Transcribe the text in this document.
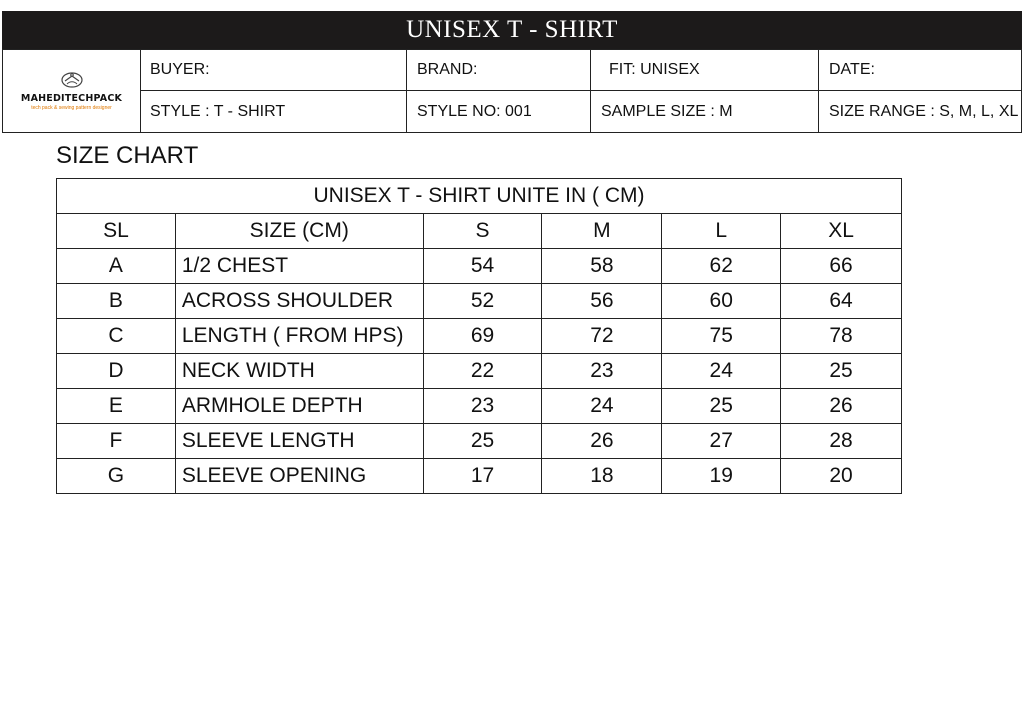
UNISEX T - SHIRT
MAHEDITECHPACK
tech pack & sewing pattern designer
BUYER:	BRAND:	FIT: UNISEX	DATE:
STYLE : T - SHIRT	STYLE NO: 001	SAMPLE SIZE : M	SIZE RANGE : S, M, L, XL
SIZE CHART
UNISEX T - SHIRT UNITE IN ( CM)					
SL	SIZE (CM)	S	M	L	XL
A	1/2 CHEST	54	58	62	66
B	ACROSS SHOULDER	52	56	60	64
C	LENGTH ( FROM HPS)	69	72	75	78
D	NECK WIDTH	22	23	24	25
E	ARMHOLE DEPTH	23	24	25	26
F	SLEEVE LENGTH	25	26	27	28
G	SLEEVE OPENING	17	18	19	20
